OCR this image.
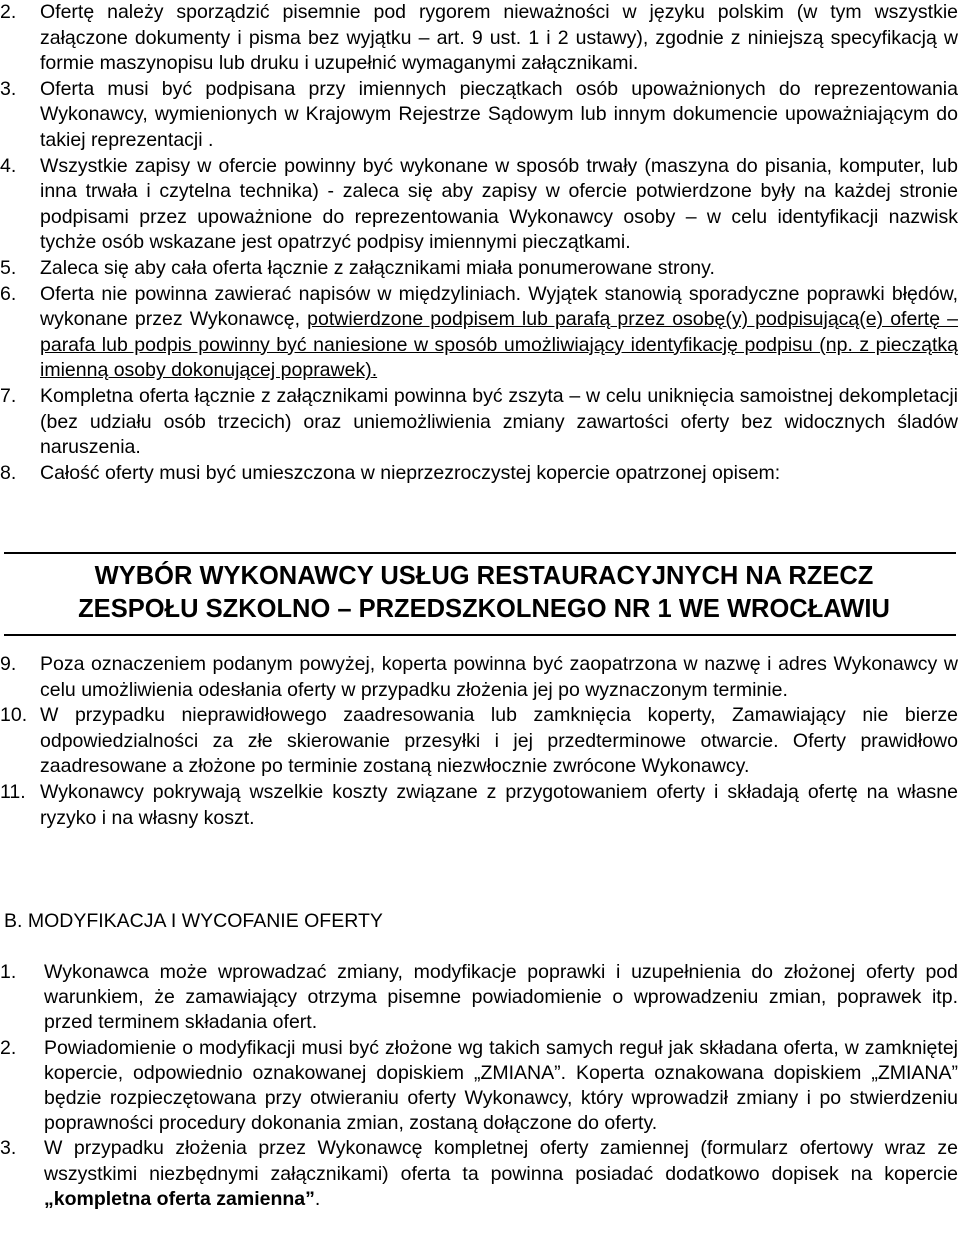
2. Ofertę należy sporządzić pisemnie pod rygorem nieważności w języku polskim (w tym wszystkie załączone dokumenty i pisma bez wyjątku – art. 9 ust. 1 i 2 ustawy), zgodnie z niniejszą specyfikacją w formie maszynopisu lub druku i uzupełnić wymaganymi załącznikami.
3. Oferta musi być podpisana przy imiennych pieczątkach osób upoważnionych do reprezentowania Wykonawcy, wymienionych w Krajowym Rejestrze Sądowym lub innym dokumencie upoważniającym do takiej reprezentacji .
4. Wszystkie zapisy w ofercie powinny być wykonane w sposób trwały (maszyna do pisania, komputer, lub inna trwała i czytelna technika) - zaleca się aby zapisy w ofercie potwierdzone były na każdej stronie podpisami przez upoważnione do reprezentowania Wykonawcy osoby – w celu identyfikacji nazwisk tychże osób wskazane jest opatrzyć podpisy imiennymi pieczątkami.
5. Zaleca się aby cała oferta łącznie z załącznikami miała ponumerowane strony.
6. Oferta nie powinna zawierać napisów w międzyliniach. Wyjątek stanowią sporadyczne poprawki błędów, wykonane przez Wykonawcę, potwierdzone podpisem lub parafą przez osobę(y) podpisującą(e) ofertę – parafa lub podpis powinny być naniesione w sposób umożliwiający identyfikację podpisu (np. z pieczątką imienną osoby dokonującej poprawek).
7. Kompletna oferta łącznie z załącznikami powinna być zszyta – w celu uniknięcia samoistnej dekompletacji (bez udziału osób trzecich) oraz uniemożliwienia zmiany zawartości oferty bez widocznych śladów naruszenia.
8. Całość oferty musi być umieszczona w nieprzezroczystej kopercie opatrzonej opisem:
WYBÓR WYKONAWCY USŁUG RESTAURACYJNYCH NA RZECZ
ZESPOŁU SZKOLNO – PRZEDSZKOLNEGO NR 1 WE WROCŁAWIU
9. Poza oznaczeniem podanym powyżej, koperta powinna być zaopatrzona w nazwę i adres Wykonawcy w celu umożliwienia odesłania oferty w przypadku złożenia jej po wyznaczonym terminie.
10. W przypadku nieprawidłowego zaadresowania lub zamknięcia koperty, Zamawiający nie bierze odpowiedzialności za złe skierowanie przesyłki i jej przedterminowe otwarcie. Oferty prawidłowo zaadresowane a złożone po terminie zostaną niezwłocznie zwrócone Wykonawcy.
11. Wykonawcy pokrywają wszelkie koszty związane z przygotowaniem oferty i składają ofertę na własne ryzyko i na własny koszt.
B. MODYFIKACJA I WYCOFANIE OFERTY
1. Wykonawca może wprowadzać zmiany, modyfikacje poprawki i uzupełnienia do złożonej oferty pod warunkiem, że zamawiający otrzyma pisemne powiadomienie o wprowadzeniu zmian, poprawek itp. przed terminem składania ofert.
2. Powiadomienie o modyfikacji musi być złożone wg takich samych reguł jak składana oferta, w zamkniętej kopercie, odpowiednio oznakowanej dopiskiem „ZMIANA”. Koperta oznakowana dopiskiem „ZMIANA” będzie rozpieczętowana przy otwieraniu oferty Wykonawcy, który wprowadził zmiany i po stwierdzeniu poprawności procedury dokonania zmian, zostaną dołączone do oferty.
3. W przypadku złożenia przez Wykonawcę kompletnej oferty zamiennej (formularz ofertowy wraz ze wszystkimi niezbędnymi załącznikami) oferta ta powinna posiadać dodatkowo dopisek na kopercie „kompletna oferta zamienna”.
